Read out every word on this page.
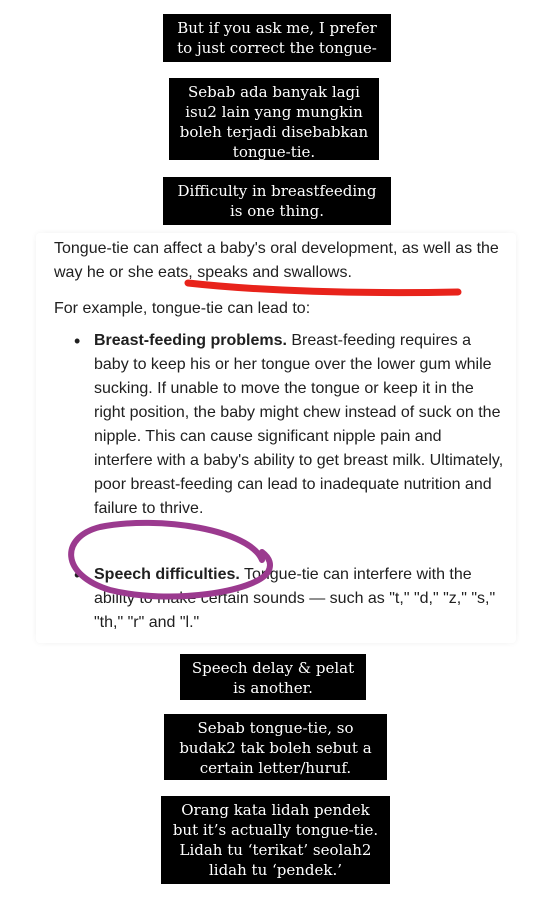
But if you ask me, I prefer to just correct the tongue-tie.
Sebab ada banyak lagi isu2 lain yang mungkin boleh terjadi disebabkan tongue-tie.
Difficulty in breastfeeding is one thing.

Tongue-tie can affect a baby's oral development, as well as the way he or she eats, speaks and swallows.

For example, tongue-tie can lead to:

• Breast-feeding problems. Breast-feeding requires a baby to keep his or her tongue over the lower gum while sucking. If unable to move the tongue or keep it in the right position, the baby might chew instead of suck on the nipple. This can cause significant nipple pain and interfere with a baby's ability to get breast milk. Ultimately, poor breast-feeding can lead to inadequate nutrition and failure to thrive.
• Speech difficulties. Tongue-tie can interfere with the ability to make certain sounds — such as "t," "d," "z," "s," "th," "r" and "l."
Speech delay & pelat is another.
Sebab tongue-tie, so budak2 tak boleh sebut a certain letter/huruf.
Orang kata lidah pendek but it’s actually tongue-tie. Lidah tu ‘terikat’ seolah2 lidah tu ‘pendek.’
